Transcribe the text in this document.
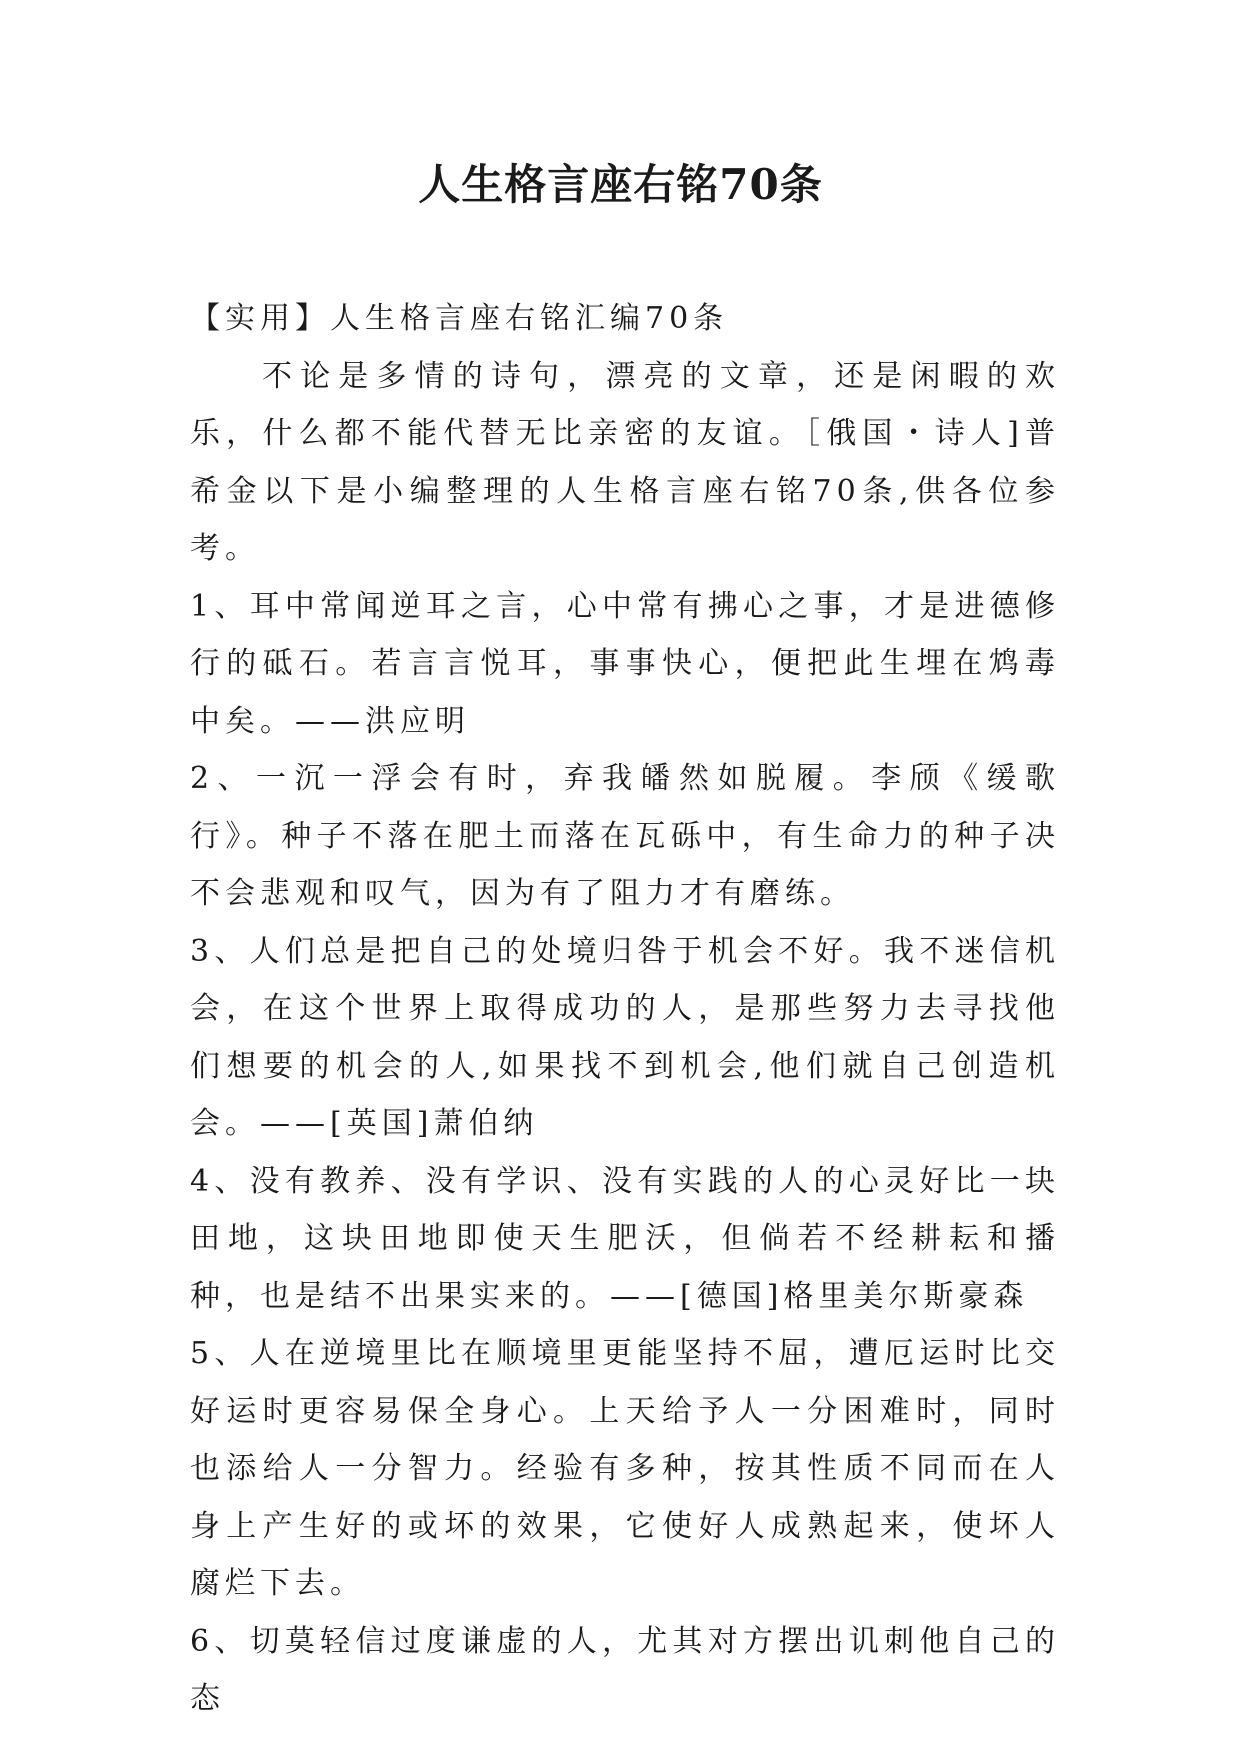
人生格言座右铭70条

【实用】人生格言座右铭汇编70条

不论是多情的诗句，漂亮的文章，还是闲暇的欢乐，什么都不能代替无比亲密的友谊。［俄国・诗人]普希金以下是小编整理的人生格言座右铭70条,供各位参考。

1、耳中常闻逆耳之言，心中常有拂心之事，才是进德修行的砥石。若言言悦耳，事事快心，便把此生埋在鸩毒中矣。——洪应明

2、一沉一浮会有时，弃我皤然如脱履。李颀《缓歌行》。种子不落在肥土而落在瓦砾中，有生命力的种子决不会悲观和叹气，因为有了阻力才有磨练。

3、人们总是把自己的处境归咎于机会不好。我不迷信机会，在这个世界上取得成功的人，是那些努力去寻找他们想要的机会的人,如果找不到机会,他们就自己创造机会。——[英国]萧伯纳

4、没有教养、没有学识、没有实践的人的心灵好比一块田地，这块田地即使天生肥沃，但倘若不经耕耘和播种，也是结不出果实来的。——[德国]格里美尔斯豪森

5、人在逆境里比在顺境里更能坚持不屈，遭厄运时比交好运时更容易保全身心。上天给予人一分困难时，同时也添给人一分智力。经验有多种，按其性质不同而在人身上产生好的或坏的效果，它使好人成熟起来，使坏人腐烂下去。

6、切莫轻信过度谦虚的人，尤其对方摆出讥刺他自己的态
